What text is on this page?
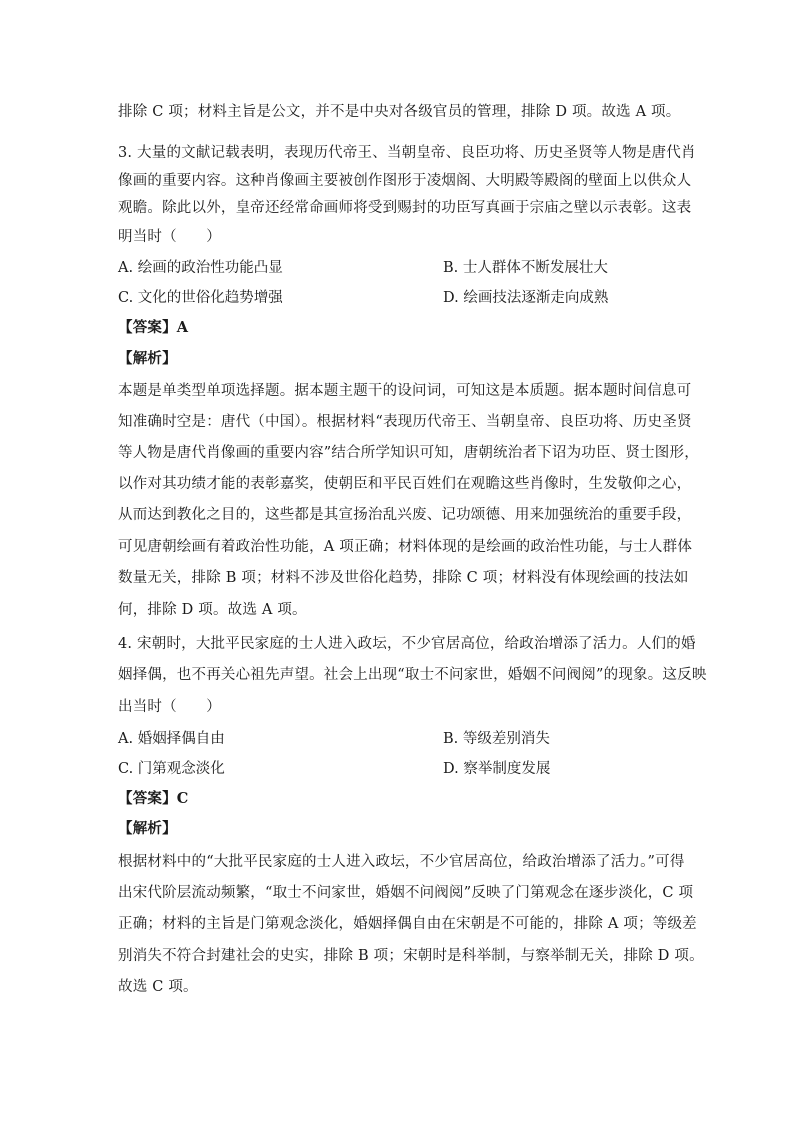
排除 C 项；材料主旨是公文，并不是中央对各级官员的管理，排除 D 项。故选 A 项。
3. 大量的文献记载表明，表现历代帝王、当朝皇帝、良臣功将、历史圣贤等人物是唐代肖
像画的重要内容。这种肖像画主要被创作图形于凌烟阁、大明殿等殿阁的壁面上以供众人
观瞻。除此以外，皇帝还经常命画师将受到赐封的功臣写真画于宗庙之壁以示表彰。这表
明当时（　　）
A. 绘画的政治性功能凸显	B. 士人群体不断发展壮大
C. 文化的世俗化趋势增强	D. 绘画技法逐渐走向成熟
【答案】A
【解析】
本题是单类型单项选择题。据本题主题干的设问词，可知这是本质题。据本题时间信息可
知准确时空是：唐代（中国）。根据材料“表现历代帝王、当朝皇帝、良臣功将、历史圣贤
等人物是唐代肖像画的重要内容”结合所学知识可知，唐朝统治者下诏为功臣、贤士图形，
以作对其功绩才能的表彰嘉奖，使朝臣和平民百姓们在观瞻这些肖像时，生发敬仰之心，
从而达到教化之目的，这些都是其宣扬治乱兴废、记功颂德、用来加强统治的重要手段，
可见唐朝绘画有着政治性功能，A 项正确；材料体现的是绘画的政治性功能，与士人群体
数量无关，排除 B 项；材料不涉及世俗化趋势，排除 C 项；材料没有体现绘画的技法如
何，排除 D 项。故选 A 项。
4. 宋朝时，大批平民家庭的士人进入政坛，不少官居高位，给政治增添了活力。人们的婚
姻择偶，也不再关心祖先声望。社会上出现“取士不问家世，婚姻不问阀阅”的现象。这反映
出当时（　　）
A. 婚姻择偶自由	B. 等级差别消失
C. 门第观念淡化	D. 察举制度发展
【答案】C
【解析】
根据材料中的“大批平民家庭的士人进入政坛，不少官居高位，给政治增添了活力。”可得
出宋代阶层流动频繁，“取士不问家世，婚姻不问阀阅”反映了门第观念在逐步淡化，C 项
正确；材料的主旨是门第观念淡化，婚姻择偶自由在宋朝是不可能的，排除 A 项；等级差
别消失不符合封建社会的史实，排除 B 项；宋朝时是科举制，与察举制无关，排除 D 项。
故选 C 项。
